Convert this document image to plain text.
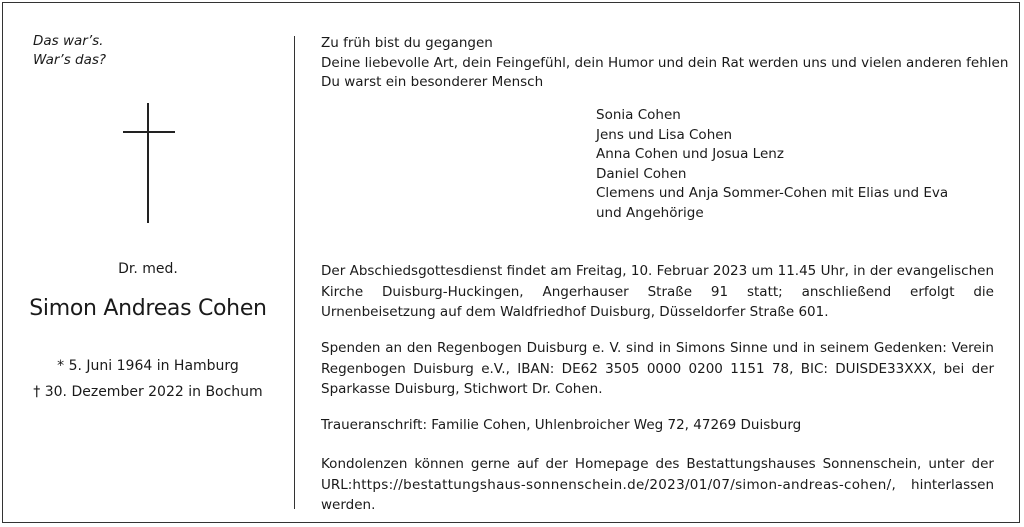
Das war’s.
War’s das?
Dr. med.
Simon Andreas Cohen
* 5. Juni 1964 in Hamburg
† 30. Dezember 2022 in Bochum
Zu früh bist du gegangen
Deine liebevolle Art, dein Feingefühl, dein Humor und dein Rat werden uns und vielen anderen fehlen
Du warst ein besonderer Mensch
Sonia Cohen
Jens und Lisa Cohen
Anna Cohen und Josua Lenz
Daniel Cohen
Clemens und Anja Sommer-Cohen mit Elias und Eva
und Angehörige
Der Abschiedsgottesdienst findet am Freitag, 10. Februar 2023 um 11.45 Uhr, in der evangelischen Kirche Duisburg-Huckingen, Angerhauser Straße 91 statt; anschließend erfolgt die Urnenbeisetzung auf dem Waldfriedhof Duisburg, Düsseldorfer Straße 601.
Spenden an den Regenbogen Duisburg e. V. sind in Simons Sinne und in seinem Gedenken: Verein Regenbogen Duisburg e.V., IBAN: DE62 3505 0000 0200 1151 78, BIC: DUISDE33XXX, bei der Sparkasse Duisburg, Stichwort Dr. Cohen.
Traueranschrift: Familie Cohen, Uhlenbroicher Weg 72, 47269 Duisburg
Kondolenzen können gerne auf der Homepage des Bestattungshauses Sonnenschein, unter der URL:https://bestattungshaus-sonnenschein.de/2023/01/07/simon-andreas-cohen/, hinterlassen werden.
